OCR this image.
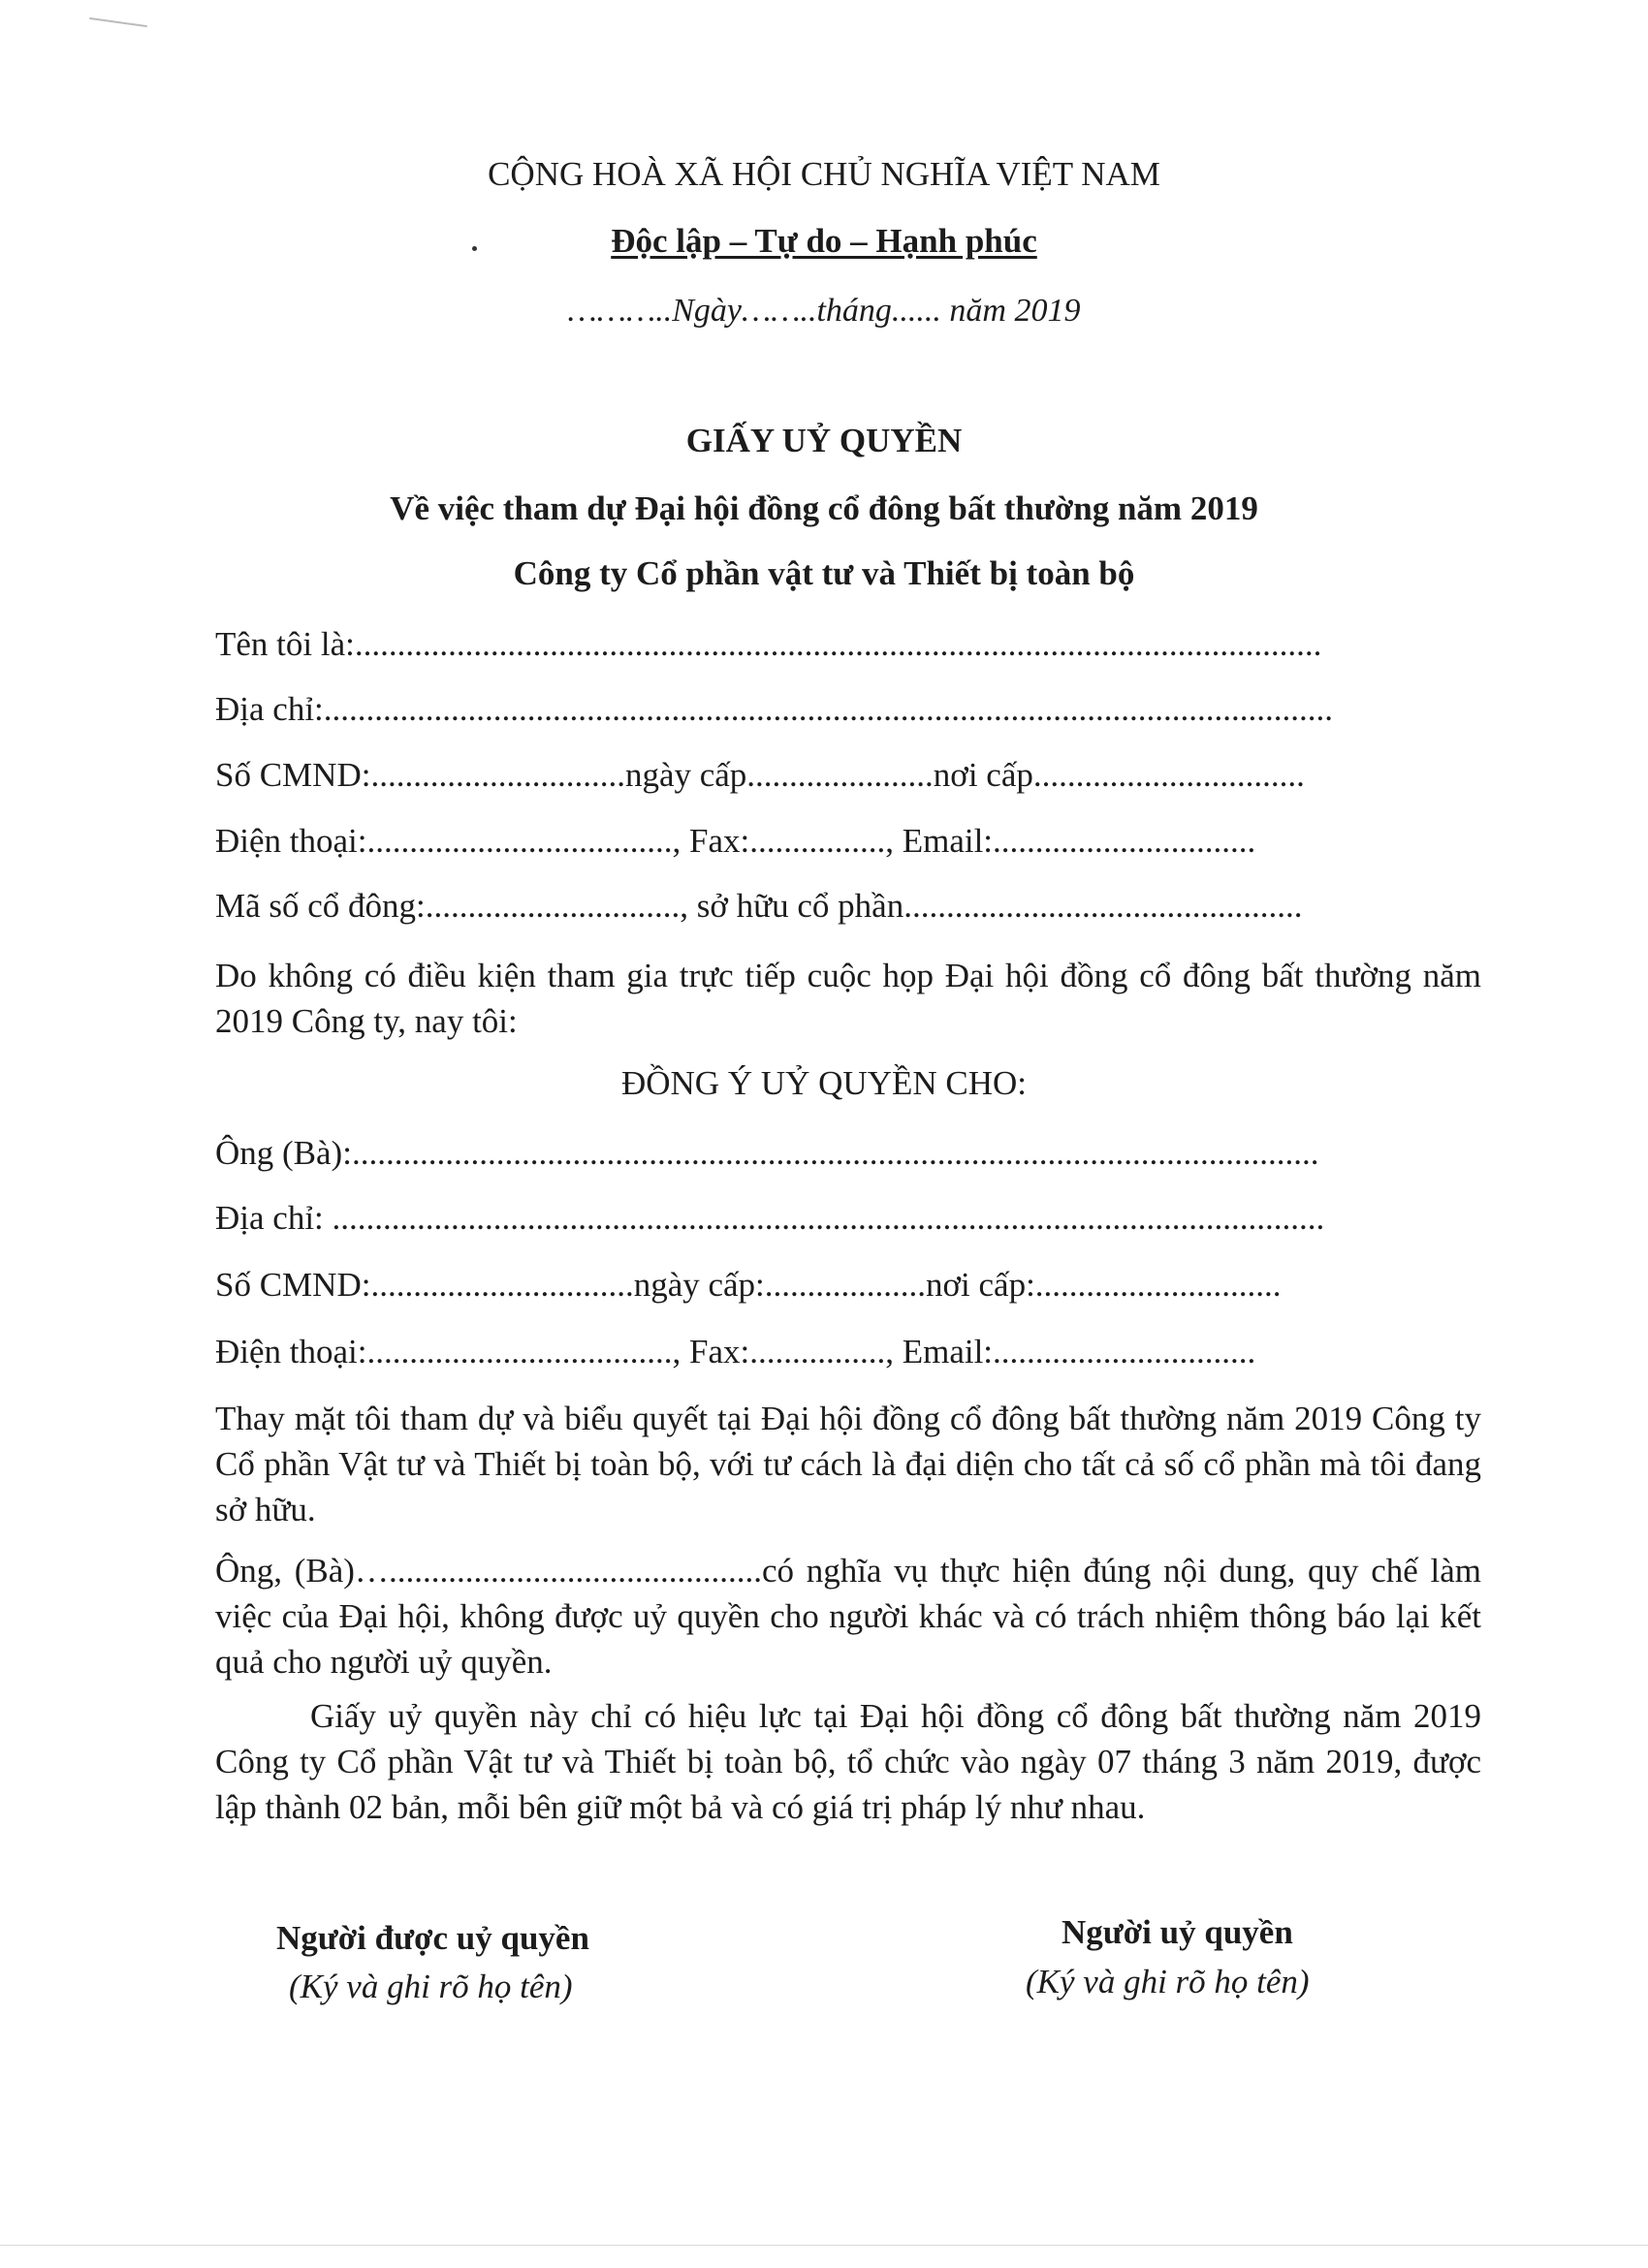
CỘNG HOÀ XÃ HỘI CHỦ NGHĨA VIỆT NAM
Độc lập – Tự do – Hạnh phúc
………..Ngày……..tháng...... năm 2019
GIẤY UỶ QUYỀN
Về việc tham dự Đại hội đồng cổ đông bất thường năm 2019
Công ty Cổ phần vật tư và Thiết bị toàn bộ
Tên tôi là:..................................................................................................................
Địa chỉ:.......................................................................................................................
Số CMND:..............................ngày cấp......................nơi cấp................................
Điện thoại:...................................., Fax:................, Email:...............................
Mã số cổ đông:.............................., sở hữu cổ phần...............................................
Do không có điều kiện tham gia trực tiếp cuộc họp Đại hội đồng cổ đông bất thường năm 2019 Công ty, nay tôi:
ĐỒNG Ý UỶ QUYỀN CHO:
Ông (Bà):..................................................................................................................
Địa chỉ: .....................................................................................................................
Số CMND:...............................ngày cấp:...................nơi cấp:.............................
Điện thoại:...................................., Fax:................, Email:...............................
Thay mặt tôi tham dự và biểu quyết tại Đại hội đồng cổ đông bất thường năm 2019 Công ty Cổ phần Vật tư và Thiết bị toàn bộ, với tư cách là đại diện cho tất cả số cổ phần mà tôi đang sở hữu.
Ông, (Bà)…............................................có nghĩa vụ thực hiện đúng nội dung, quy chế làm việc của Đại hội, không được uỷ quyền cho người khác và có trách nhiệm thông báo lại kết quả cho người uỷ quyền.
Giấy uỷ quyền này chỉ có hiệu lực tại Đại hội đồng cổ đông bất thường năm 2019 Công ty Cổ phần Vật tư và Thiết bị toàn bộ, tổ chức vào ngày 07 tháng 3 năm 2019, được lập thành 02 bản, mỗi bên giữ một bả và có giá trị pháp lý như nhau.
Người được uỷ quyền
(Ký và ghi rõ họ tên)
Người uỷ quyền
(Ký và ghi rõ họ tên)
